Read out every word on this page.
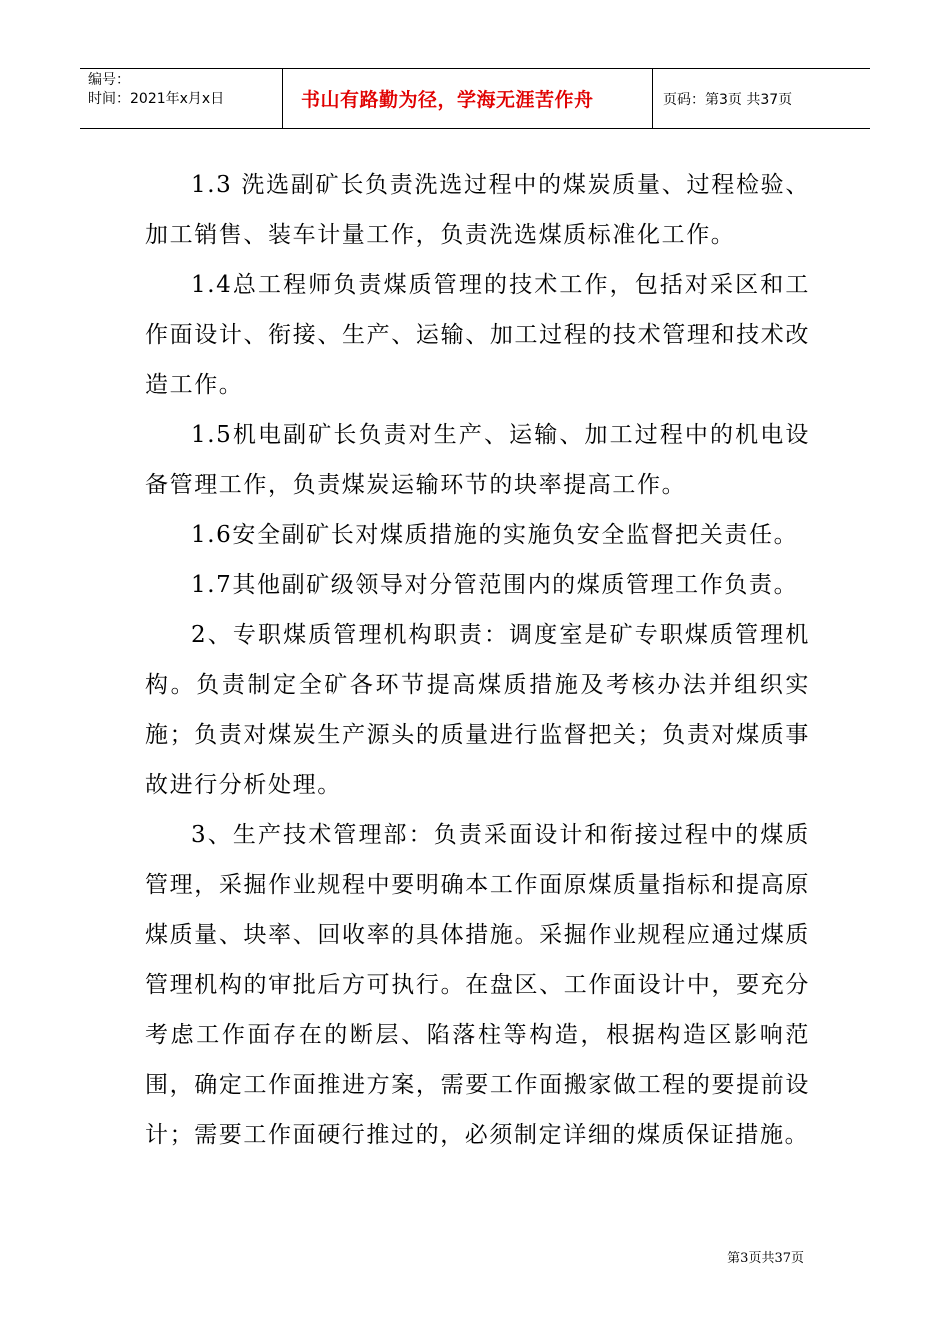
编号：
时间：2021年x月x日	书山有路勤为径，学海无涯苦作舟	页码：第3页 共37页

1.3 洗选副矿长负责洗选过程中的煤炭质量、过程检验、加工销售、装车计量工作，负责洗选煤质标准化工作。

1.4总工程师负责煤质管理的技术工作，包括对采区和工作面设计、衔接、生产、运输、加工过程的技术管理和技术改造工作。

1.5机电副矿长负责对生产、运输、加工过程中的机电设备管理工作，负责煤炭运输环节的块率提高工作。

1.6安全副矿长对煤质措施的实施负安全监督把关责任。

1.7其他副矿级领导对分管范围内的煤质管理工作负责。

2、专职煤质管理机构职责：调度室是矿专职煤质管理机构。负责制定全矿各环节提高煤质措施及考核办法并组织实施；负责对煤炭生产源头的质量进行监督把关；负责对煤质事故进行分析处理。

3、生产技术管理部：负责采面设计和衔接过程中的煤质管理，采掘作业规程中要明确本工作面原煤质量指标和提高原煤质量、块率、回收率的具体措施。采掘作业规程应通过煤质管理机构的审批后方可执行。在盘区、工作面设计中，要充分考虑工作面存在的断层、陷落柱等构造，根据构造区影响范围，确定工作面推进方案，需要工作面搬家做工程的要提前设计；需要工作面硬行推过的，必须制定详细的煤质保证措施。

第3页共37页
